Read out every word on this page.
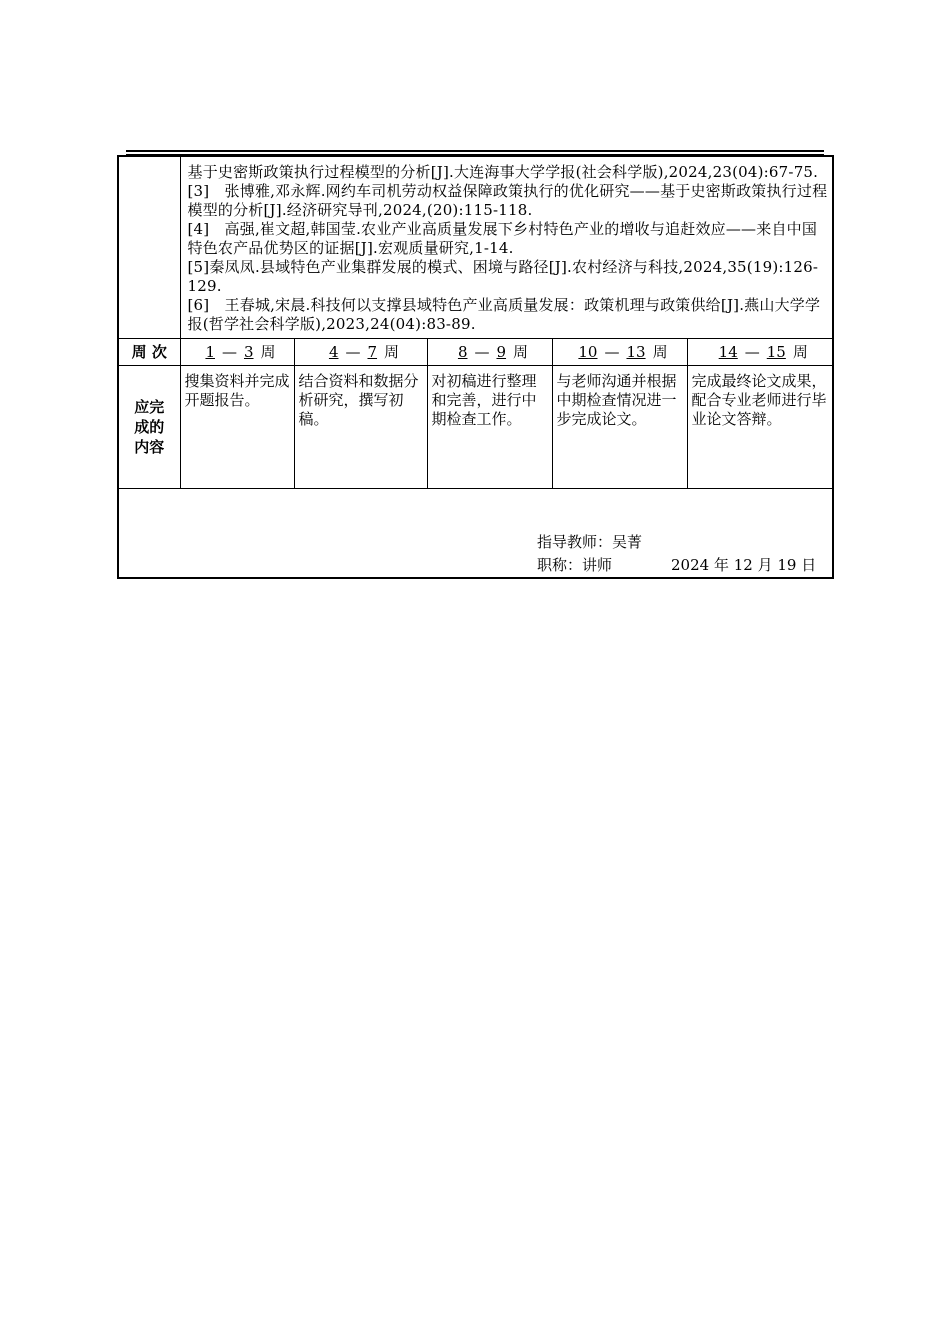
	基于史密斯政策执行过程模型的分析[J].大连海事大学学报(社会科学版),2024,23(04):67-75.

[3]　张博雅,邓永辉.网约车司机劳动权益保障政策执行的优化研究——基于史密斯政策执行过程模型的分析[J].经济研究导刊,2024,(20):115-118.

[4]　高强,崔文超,韩国莹.农业产业高质量发展下乡村特色产业的增收与追赶效应——来自中国特色农产品优势区的证据[J].宏观质量研究,1-14.

[5]秦凤凤.县域特色产业集群发展的模式、困境与路径[J].农村经济与科技,2024,35(19):126-129.

[6]　王春城,宋晨.科技何以支撑县域特色产业高质量发展：政策机理与政策供给[J].燕山大学学报(哲学社会科学版),2023,24(04):83-89.				

周 次	1 — 3 周	4 — 7 周	8 — 9 周	10 — 13 周	14 — 15 周
应完成的内容	搜集资料并完成开题报告。	结合资料和数据分析研究，撰写初稿。	对初稿进行整理和完善，进行中期检查工作。	与老师沟通并根据中期检查情况进一步完成论文。	完成最终论文成果，配合专业老师进行毕业论文答辩。

指导教师：吴菁
职称：讲师 2024 年 12 月 19 日					
